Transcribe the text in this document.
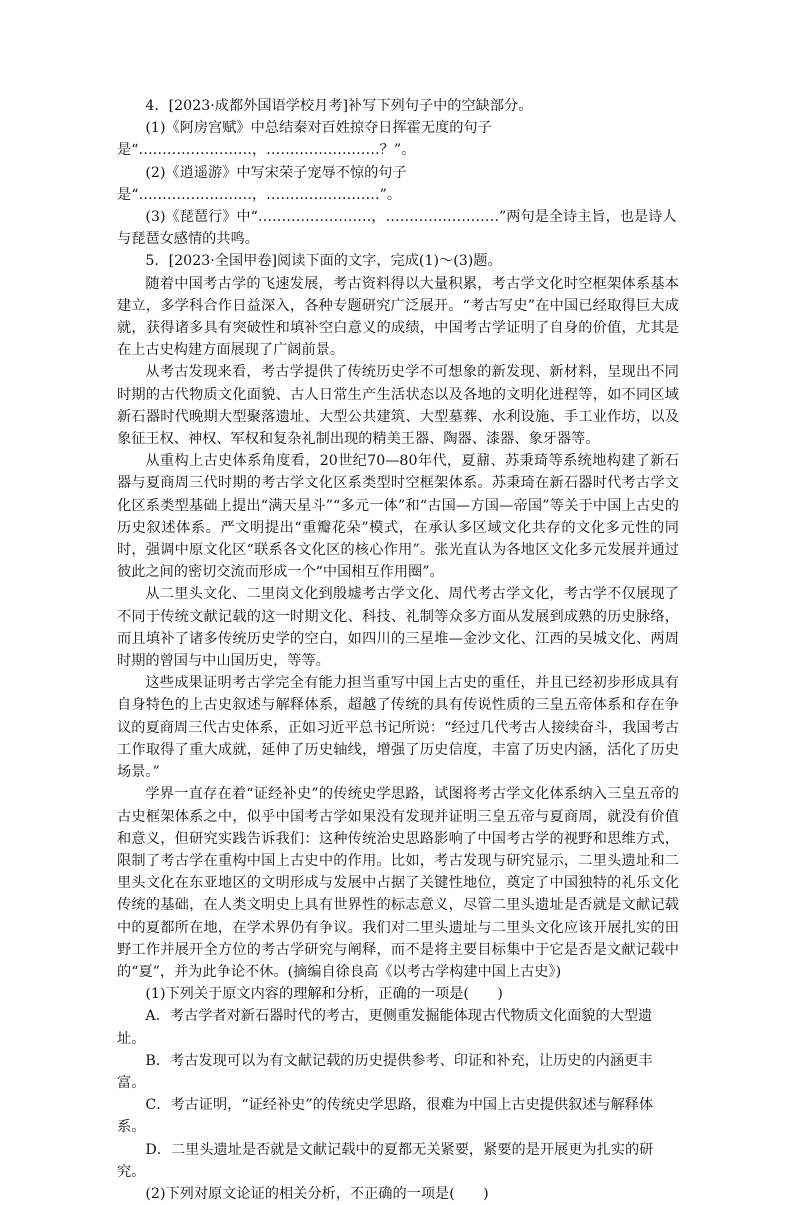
4．[2023·成都外国语学校月考]补写下列句子中的空缺部分。

(1)《阿房宫赋》中总结秦对百姓掠夺日挥霍无度的句子是“……………………，……………………？”。

(2)《逍遥游》中写宋荣子宠辱不惊的句子是“……………………，……………………”。

(3)《琵琶行》中“……………………，……………………”两句是全诗主旨，也是诗人与琵琶女感情的共鸣。

5．[2023·全国甲卷]阅读下面的文字，完成(1)～(3)题。

随着中国考古学的飞速发展，考古资料得以大量积累，考古学文化时空框架体系基本建立，多学科合作日益深入，各种专题研究广泛展开。“考古写史”在中国已经取得巨大成就，获得诸多具有突破性和填补空白意义的成绩，中国考古学证明了自身的价值，尤其是在上古史构建方面展现了广阔前景。

从考古发现来看，考古学提供了传统历史学不可想象的新发现、新材料，呈现出不同时期的古代物质文化面貌、古人日常生产生活状态以及各地的文明化进程等，如不同区域新石器时代晚期大型聚落遗址、大型公共建筑、大型墓葬、水利设施、手工业作坊，以及象征王权、神权、军权和复杂礼制出现的精美王器、陶器、漆器、象牙器等。

从重构上古史体系角度看，20世纪70—80年代，夏鼐、苏秉琦等系统地构建了新石器与夏商周三代时期的考古学文化区系类型时空框架体系。苏秉琦在新石器时代考古学文化区系类型基础上提出“满天星斗”“多元一体”和“古国—方国—帝国”等关于中国上古史的历史叙述体系。严文明提出“重瓣花朵”模式，在承认多区域文化共存的文化多元性的同时，强调中原文化区“联系各文化区的核心作用”。张光直认为各地区文化多元发展并通过彼此之间的密切交流而形成一个“中国相互作用圈”。

从二里头文化、二里岗文化到殷墟考古学文化、周代考古学文化，考古学不仅展现了不同于传统文献记载的这一时期文化、科技、礼制等众多方面从发展到成熟的历史脉络，而且填补了诸多传统历史学的空白，如四川的三星堆—金沙文化、江西的吴城文化、两周时期的曾国与中山国历史，等等。

这些成果证明考古学完全有能力担当重写中国上古史的重任，并且已经初步形成具有自身特色的上古史叙述与解释体系，超越了传统的具有传说性质的三皇五帝体系和存在争议的夏商周三代古史体系，正如习近平总书记所说：“经过几代考古人接续奋斗，我国考古工作取得了重大成就，延伸了历史轴线，增强了历史信度，丰富了历史内涵，活化了历史场景。”

学界一直存在着“证经补史”的传统史学思路，试图将考古学文化体系纳入三皇五帝的古史框架体系之中，似乎中国考古学如果没有发现并证明三皇五帝与夏商周，就没有价值和意义，但研究实践告诉我们：这种传统治史思路影响了中国考古学的视野和思维方式，限制了考古学在重构中国上古史中的作用。比如，考古发现与研究显示，二里头遗址和二里头文化在东亚地区的文明形成与发展中占据了关键性地位，奠定了中国独特的礼乐文化传统的基础，在人类文明史上具有世界性的标志意义，尽管二里头遗址是否就是文献记载中的夏都所在地，在学术界仍有争议。我们对二里头遗址与二里头文化应该开展扎实的田野工作并展开全方位的考古学研究与阐释，而不是将主要目标集中于它是否是文献记载中的“夏”，并为此争论不休。(摘编自徐良高《以考古学构建中国上古史》)

(1)下列关于原文内容的理解和分析，正确的一项是(　　)

A．考古学者对新石器时代的考古，更侧重发掘能体现古代物质文化面貌的大型遗址。

B．考古发现可以为有文献记载的历史提供参考、印证和补充，让历史的内涵更丰富。

C．考古证明，“证经补史”的传统史学思路，很难为中国上古史提供叙述与解释体系。

D．二里头遗址是否就是文献记载中的夏都无关紧要，紧要的是开展更为扎实的研究。

(2)下列对原文论证的相关分析，不正确的一项是(　　)
